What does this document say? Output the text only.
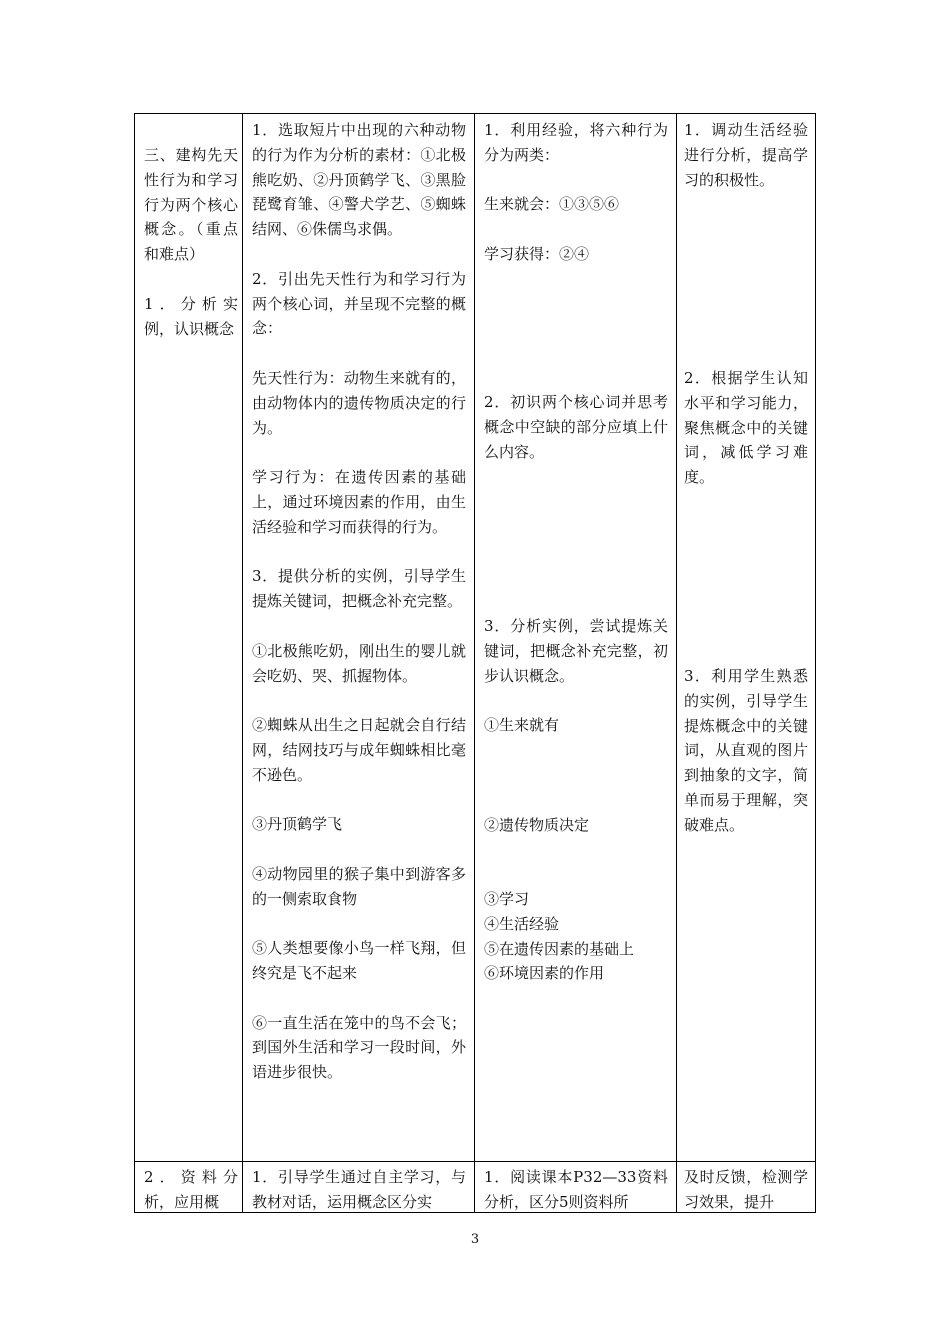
三、建构先天性行为和学习行为两个核心概念。（重点和难点）

1．分析实例，认识概念

2．资料分析，应用概

1．选取短片中出现的六种动物的行为作为分析的素材：①北极熊吃奶、②丹顶鹤学飞、③黑脸琵鹭育雏、④警犬学艺、⑤蜘蛛结网、⑥侏儒鸟求偶。

2．引出先天性行为和学习行为两个核心词，并呈现不完整的概念：

先天性行为：动物生来就有的，由动物体内的遗传物质决定的行为。

学习行为：在遗传因素的基础上，通过环境因素的作用，由生活经验和学习而获得的行为。

3．提供分析的实例，引导学生提炼关键词，把概念补充完整。

①北极熊吃奶，刚出生的婴儿就会吃奶、哭、抓握物体。

②蜘蛛从出生之日起就会自行结网，结网技巧与成年蜘蛛相比毫不逊色。

③丹顶鹤学飞

④动物园里的猴子集中到游客多的一侧索取食物

⑤人类想要像小鸟一样飞翔，但终究是飞不起来

⑥一直生活在笼中的鸟不会飞；到国外生活和学习一段时间，外语进步很快。

1．引导学生通过自主学习，与教材对话，运用概念区分实

1．利用经验，将六种行为分为两类：

生来就会：①③⑤⑥

学习获得：②④

2．初识两个核心词并思考概念中空缺的部分应填上什么内容。

3．分析实例，尝试提炼关键词，把概念补充完整，初步认识概念。

①生来就有

②遗传物质决定

③学习

④生活经验

⑤在遗传因素的基础上

⑥环境因素的作用

1．阅读课本P32—33资料分析，区分5则资料所

1．调动生活经验进行分析，提高学习的积极性。

2．根据学生认知水平和学习能力，聚焦概念中的关键词，减低学习难度。

3．利用学生熟悉的实例，引导学生提炼概念中的关键词，从直观的图片到抽象的文字，简单而易于理解，突破难点。

及时反馈，检测学习效果，提升

3
